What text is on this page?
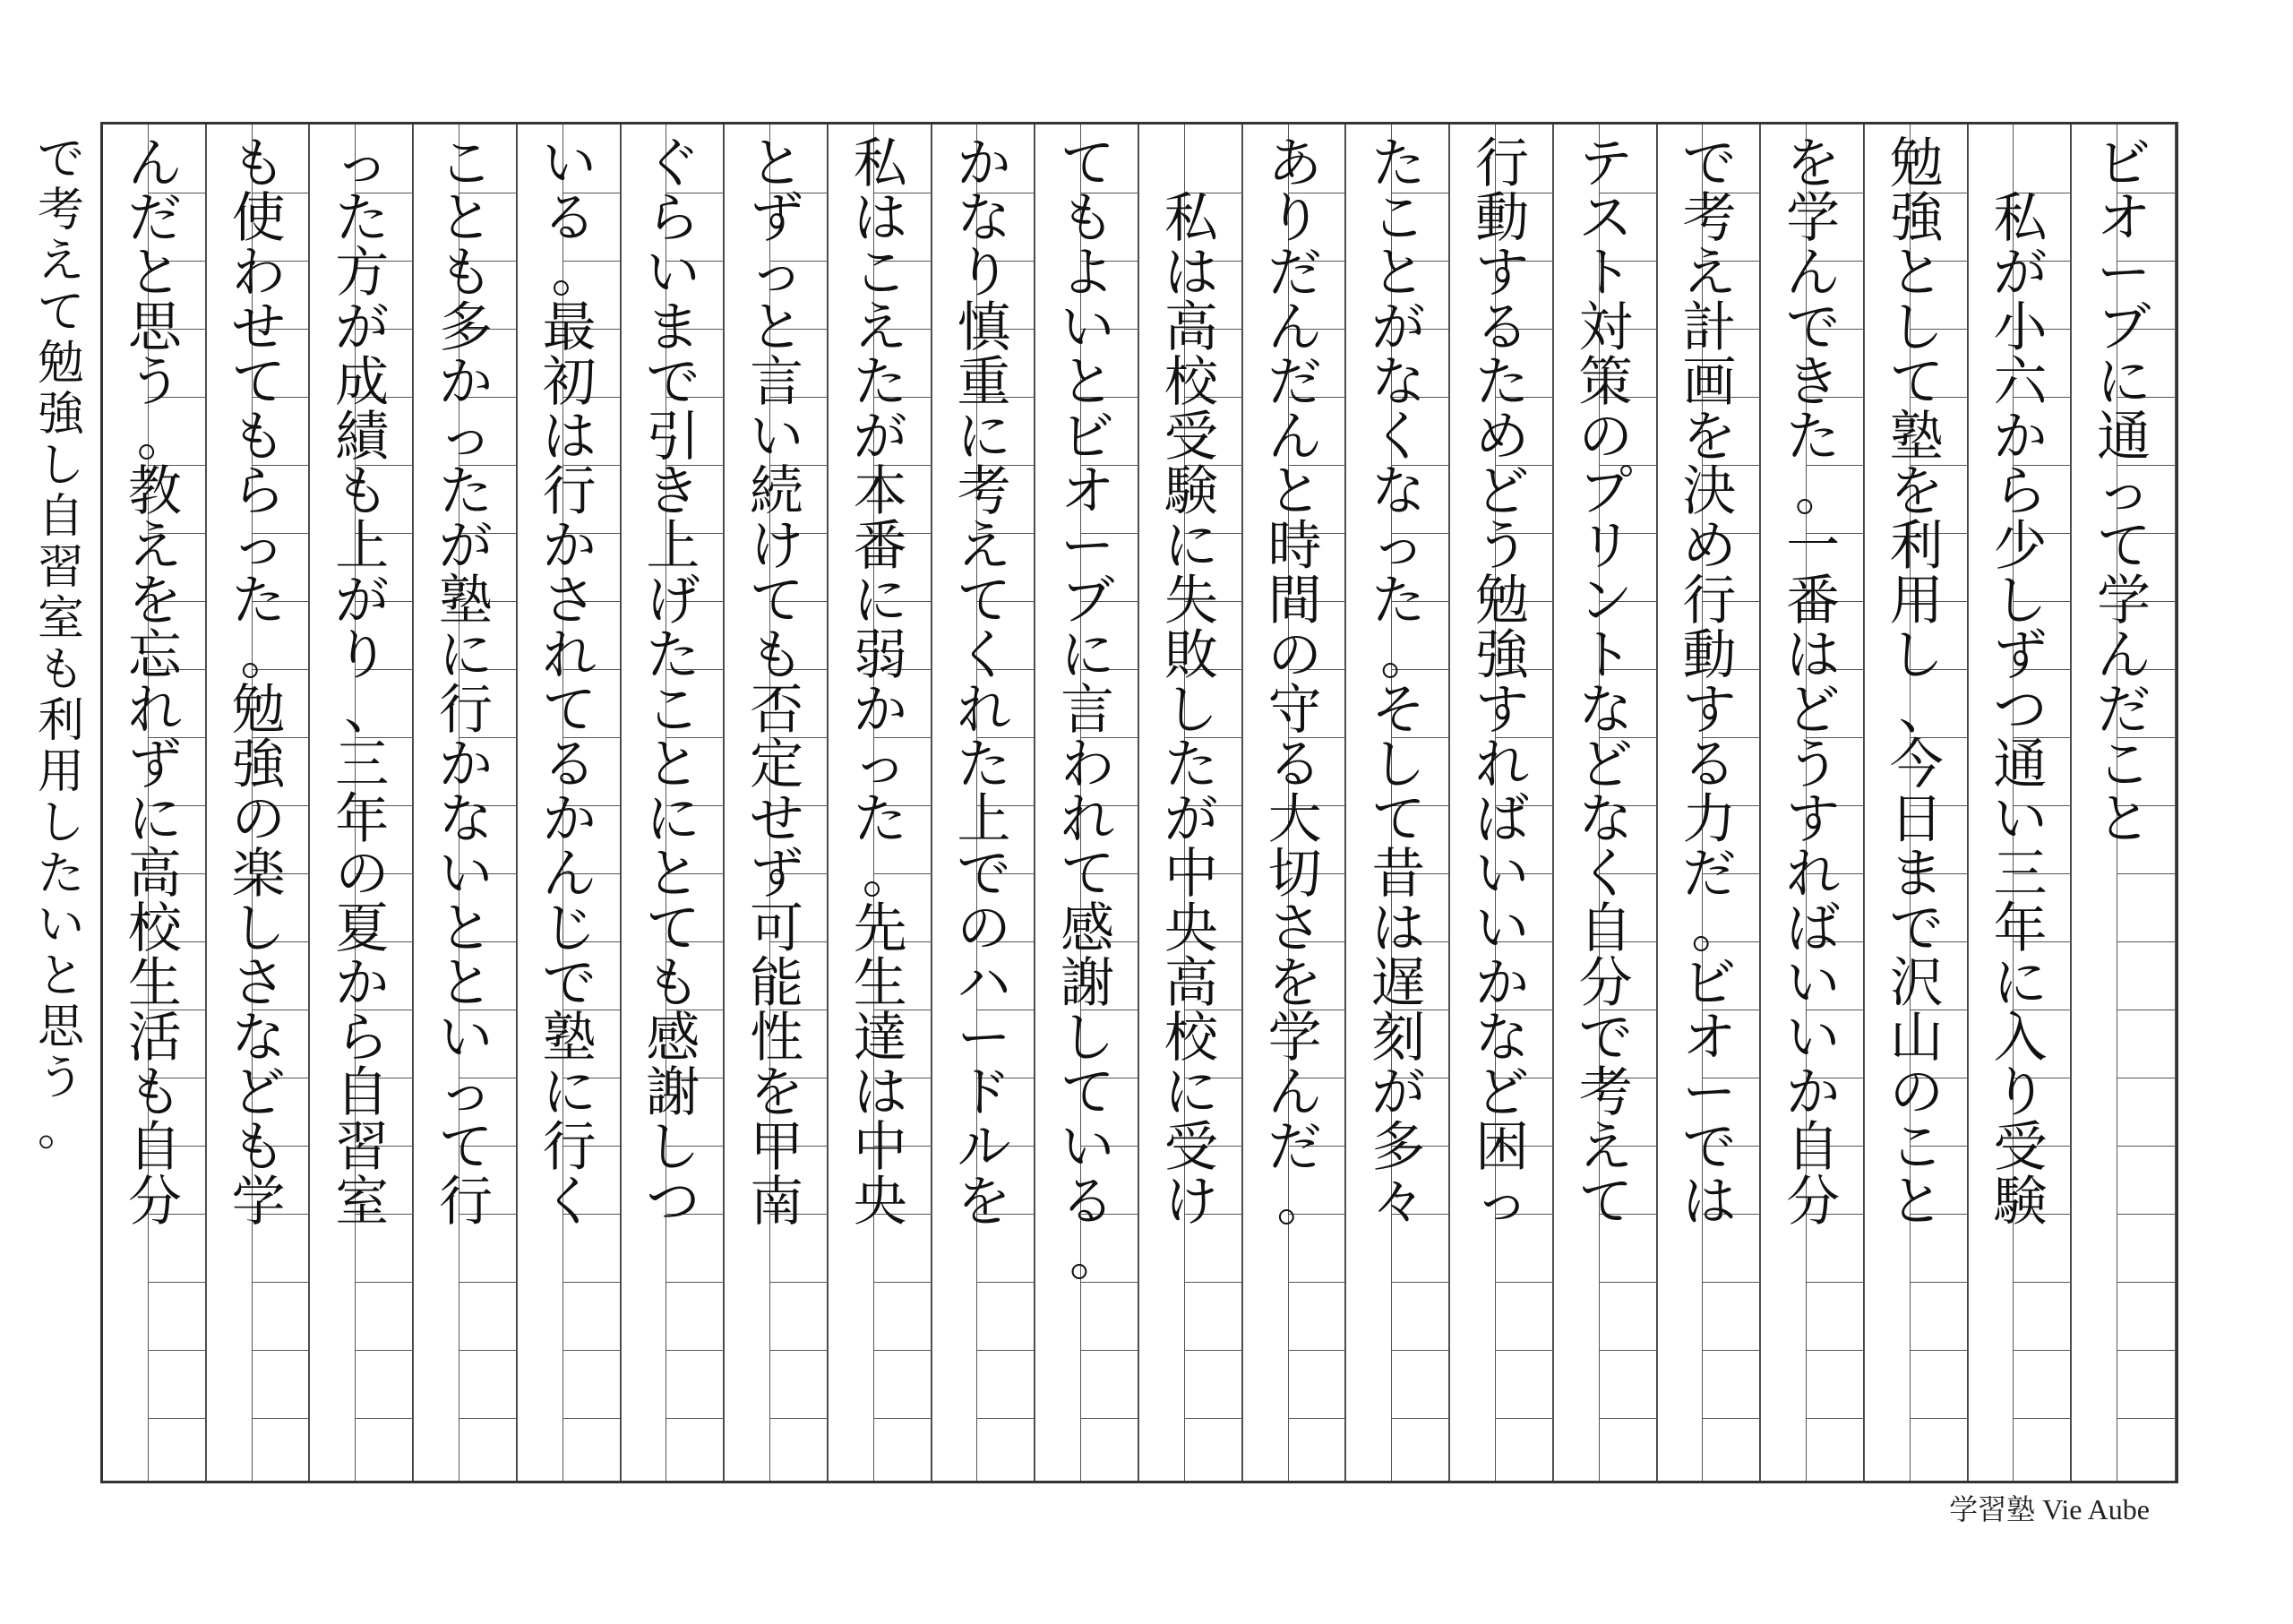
ビ
オ
ー
ブ
に
通
っ
て
学
ん
だ
こ
と

私
が
小
六
か
ら
少
し
ず
つ
通
い
三
年
に
入
り
受
験
勉
強
と
し
て
塾
を
利
用
し
、
今
日
ま
で
沢
山
の
こ
と
を
学
ん
で
き
た
。
一
番
は
ど
う
す
れ
ば
い
い
か
自
分
で
考
え
計
画
を
決
め
行
動
す
る
力
だ
。
ビ
オ
ー
で
は
テ
ス
ト
対
策
の
プ
リ
ン
ト
な
ど
な
く
自
分
で
考
え
て
行
動
す
る
た
め
ど
う
勉
強
す
れ
ば
い
い
か
な
ど
困
っ
た
こ
と
が
な
く
な
っ
た
。
そ
し
て
昔
は
遅
刻
が
多
々
あ
り
だ
ん
だ
ん
と
時
間
の
守
る
大
切
さ
を
学
ん
だ
。

私
は
高
校
受
験
に
失
敗
し
た
が
中
央
高
校
に
受
け
て
も
よ
い
と
ビ
オ
ー
ブ
に
言
わ
れ
て
感
謝
し
て
い
る
。
か
な
り
慎
重
に
考
え
て
く
れ
た
上
で
の
ハ
ー
ド
ル
を
私
は
こ
え
た
が
本
番
に
弱
か
っ
た
。
先
生
達
は
中
央
と
ず
っ
と
言
い
続
け
て
も
否
定
せ
ず
可
能
性
を
甲
南
ぐ
ら
い
ま
で
引
き
上
げ
た
こ
と
に
と
て
も
感
謝
し
つ
い
る
。
最
初
は
行
か
さ
れ
て
る
か
ん
じ
で
塾
に
行
く
こ
と
も
多
か
っ
た
が
塾
に
行
か
な
い
と
と
い
っ
て
行
っ
た
方
が
成
績
も
上
が
り
、
三
年
の
夏
か
ら
自
習
室
も
使
わ
せ
て
も
ら
っ
た
。
勉
強
の
楽
し
さ
な
ど
も
学
ん
だ
と
思
う
。
教
え
を
忘
れ
ず
に
高
校
生
活
も
自
分
で
考
え
て
勉
強
し
自
習
室
も
利
用
し
た
い
と
思
う
。
学習塾 Vie Aube
